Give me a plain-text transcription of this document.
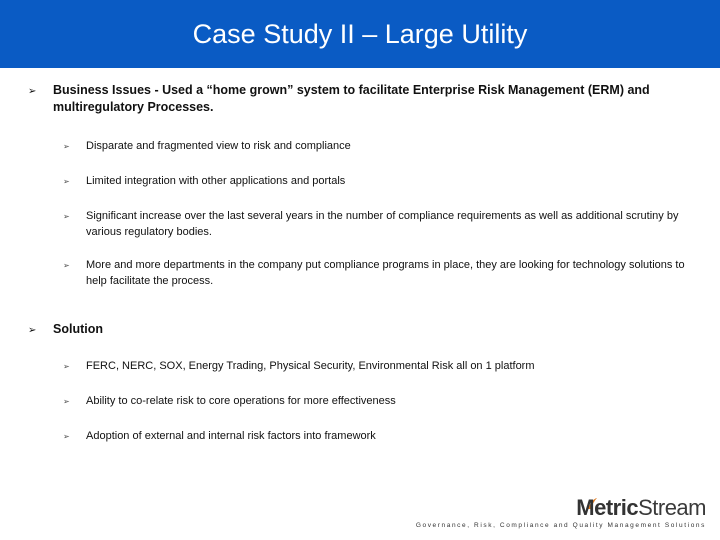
Case Study II – Large Utility
➢ Business Issues - Used a “home grown” system to facilitate Enterprise Risk Management (ERM) and multiregulatory Processes.
➢ Disparate and fragmented view to risk and compliance
➢ Limited integration with other applications and portals
➢ Significant increase over the last several years in the number of compliance requirements as well as additional scrutiny by various regulatory bodies.
➢ More and more departments in the company put compliance programs in place, they are looking for technology solutions to help facilitate the process.
➢ Solution
➢ FERC, NERC, SOX, Energy Trading, Physical Security, Environmental Risk all on 1 platform
➢ Ability to co-relate risk to core operations for more effectiveness
➢ Adoption of external and internal risk factors into framework
MetricStream
Governance, Risk, Compliance and Quality Management Solutions
